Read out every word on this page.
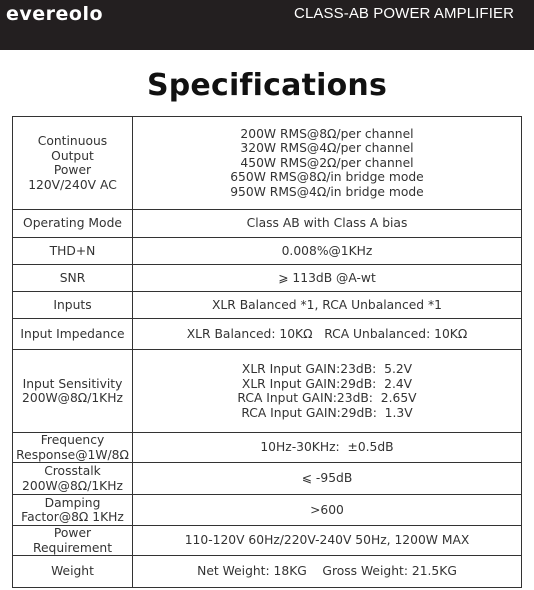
evereolo	CLASS-AB POWER AMPLIFIER
Specifications
Continuous Output
Power
120V/240V AC	200W RMS@8Ω/per channel
320W RMS@4Ω/per channel
450W RMS@2Ω/per channel
650W RMS@8Ω/in bridge mode
950W RMS@4Ω/in bridge mode

Operating Mode	Class AB with Class A bias

THD+N	0.008%@1KHz

SNR	⩾ 113dB @A-wt

Inputs	XLR Balanced *1, RCA Unbalanced *1

Input Impedance	XLR Balanced: 10KΩ   RCA Unbalanced: 10KΩ

Input Sensitivity
200W@8Ω/1KHz	XLR Input GAIN:23dB:  5.2V
XLR Input GAIN:29dB:  2.4V
RCA Input GAIN:23dB:  2.65V
RCA Input GAIN:29dB:  1.3V

Frequency
Response@1W/8Ω	10Hz-30KHz:  ±0.5dB

Crosstalk
200W@8Ω/1KHz	⩽ -95dB

Damping
Factor@8Ω 1KHz	>600

Power Requirement	110-120V 60Hz/220V-240V 50Hz, 1200W MAX

Weight	Net Weight: 18KG    Gross Weight: 21.5KG
